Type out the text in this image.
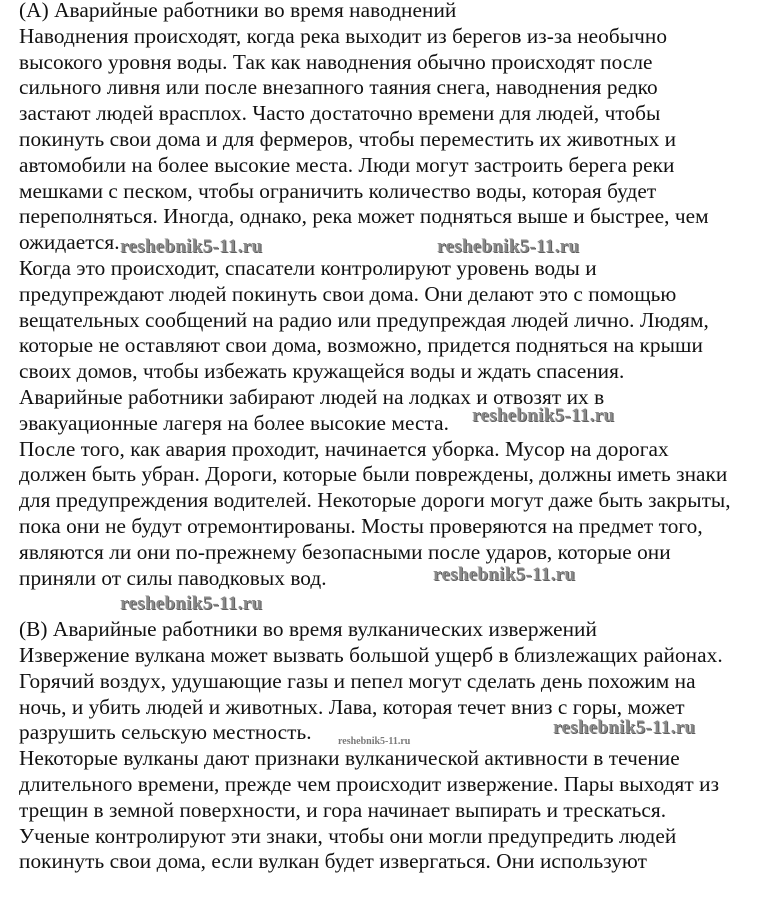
(A) Аварийные работники во время наводнений
Наводнения происходят, когда река выходит из берегов из-за необычно
высокого уровня воды. Так как наводнения обычно происходят после
сильного ливня или после внезапного таяния снега, наводнения редко
застают людей врасплох. Часто достаточно времени для людей, чтобы
покинуть свои дома и для фермеров, чтобы переместить их животных и
автомобили на более высокие места. Люди могут застроить берега реки
мешками с песком, чтобы ограничить количество воды, которая будет
переполняться. Иногда, однако, река может подняться выше и быстрее, чем
ожидается.
Когда это происходит, спасатели контролируют уровень воды и
предупреждают людей покинуть свои дома. Они делают это с помощью
вещательных сообщений на радио или предупреждая людей лично. Людям,
которые не оставляют свои дома, возможно, придется подняться на крыши
своих домов, чтобы избежать кружащейся воды и ждать спасения.
Аварийные работники забирают людей на лодках и отвозят их в
эвакуационные лагеря на более высокие места.
После того, как авария проходит, начинается уборка. Мусор на дорогах
должен быть убран. Дороги, которые были повреждены, должны иметь знаки
для предупреждения водителей. Некоторые дороги могут даже быть закрыты,
пока они не будут отремонтированы. Мосты проверяются на предмет того,
являются ли они по-прежнему безопасными после ударов, которые они
приняли от силы паводковых вод.
(B) Аварийные работники во время вулканических извержений
Извержение вулкана может вызвать большой ущерб в близлежащих районах.
Горячий воздух, удушающие газы и пепел могут сделать день похожим на
ночь, и убить людей и животных. Лава, которая течет вниз с горы, может
разрушить сельскую местность.
Некоторые вулканы дают признаки вулканической активности в течение
длительного времени, прежде чем происходит извержение. Пары выходят из
трещин в земной поверхности, и гора начинает выпирать и трескаться.
Ученые контролируют эти знаки, чтобы они могли предупредить людей
покинуть свои дома, если вулкан будет извергаться. Они используют
reshebnik5-11.ru	reshebnik5-11.ru
reshebnik5-11.ru
reshebnik5-11.ru
reshebnik5-11.ru
reshebnik5-11.ru
reshebnik5-11.ru
